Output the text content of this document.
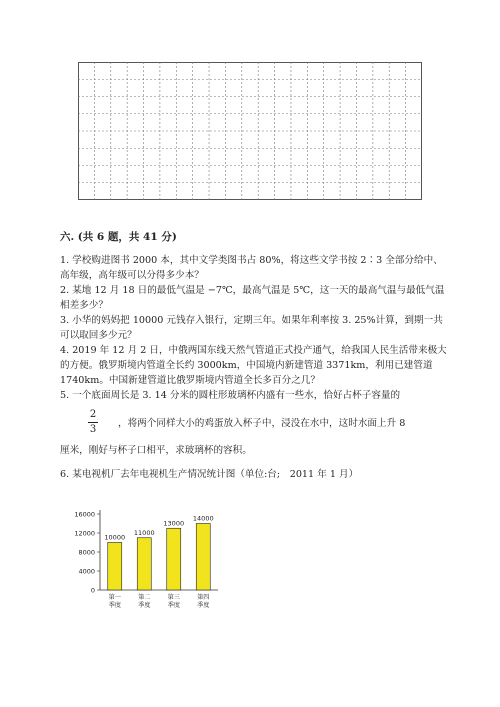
六. (共 6 题，共 41 分)

1. 学校购进图书 2000 本，其中文学类图书占 80%，将这些文学书按 2∶3 全部分给中、高年级，高年级可以分得多少本？

2. 某地 12 月 18 日的最低气温是 −7℃，最高气温是 5℃，这一天的最高气温与最低气温相差多少？

3. 小华的妈妈把 10000 元钱存入银行，定期三年。如果年利率按 3. 25%计算，到期一共可以取回多少元？

4. 2019 年 12 月 2 日，中俄两国东线天然气管道正式投产通气，给我国人民生活带来极大的方便。俄罗斯境内管道全长约 3000km，中国境内新建管道 3371km，利用已建管道 1740km。中国新建管道比俄罗斯境内管道全长多百分之几？

5. 一个底面周长是 3. 14 分米的圆柱形玻璃杯内盛有一些水，恰好占杯子容量的

2
3
，将两个同样大小的鸡蛋放入杯子中，浸没在水中，这时水面上升 8
厘米，刚好与杯子口相平，求玻璃杯的容积。

6. 某电视机厂去年电视机生产情况统计图（单位:台;　2011 年 1 月）

0
4000
8000
12000
16000
10000
第一
季度
11000
第二
季度
13000
第三
季度
14000
第四
季度
